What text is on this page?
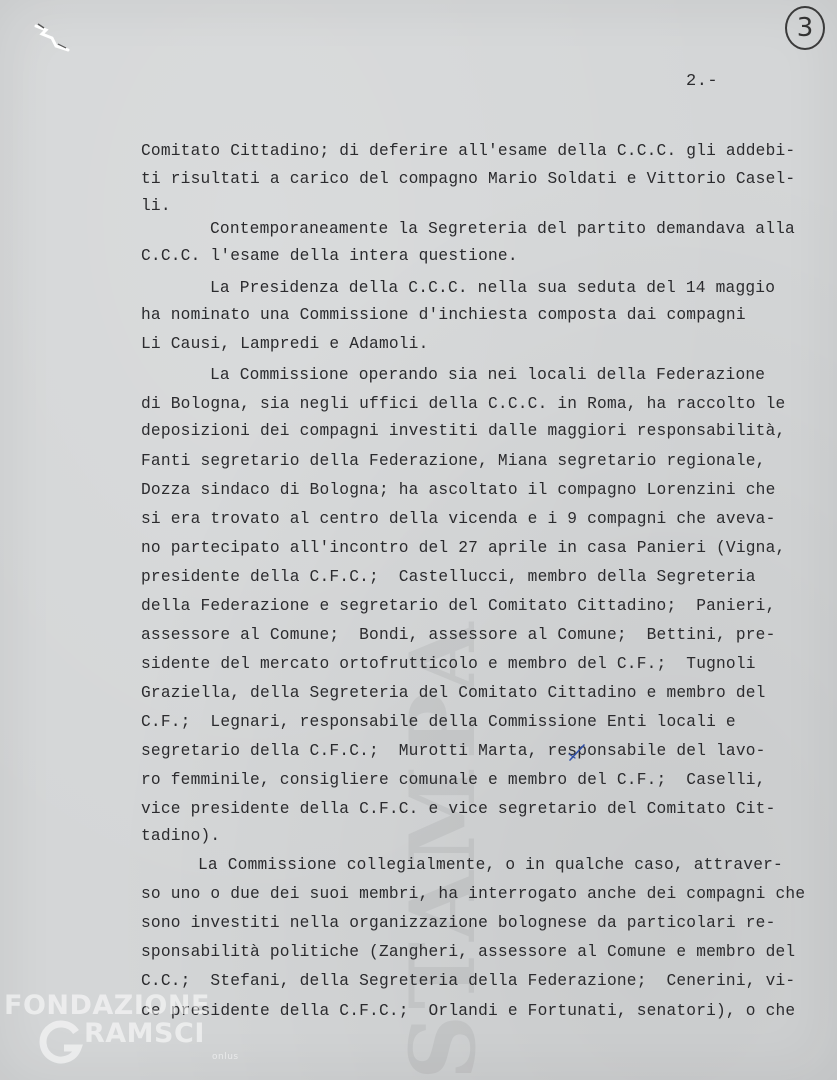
STAMPA
3
2.-
Comitato Cittadino; di deferire all'esame della C.C.C. gli addebi-
ti risultati a carico del compagno Mario Soldati e Vittorio Casel-
li.
Contemporaneamente la Segreteria del partito demandava alla
C.C.C. l'esame della intera questione.
La Presidenza della C.C.C. nella sua seduta del 14 maggio
ha nominato una Commissione d'inchiesta composta dai compagni
Li Causi, Lampredi e Adamoli.
La Commissione operando sia nei locali della Federazione
di Bologna, sia negli uffici della C.C.C. in Roma, ha raccolto le
deposizioni dei compagni investiti dalle maggiori responsabilità,
Fanti segretario della Federazione, Miana segretario regionale,
Dozza sindaco di Bologna; ha ascoltato il compagno Lorenzini che
si era trovato al centro della vicenda e i 9 compagni che aveva-
no partecipato all'incontro del 27 aprile in casa Panieri (Vigna,
presidente della C.F.C.;  Castellucci, membro della Segreteria
della Federazione e segretario del Comitato Cittadino;  Panieri,
assessore al Comune;  Bondi, assessore al Comune;  Bettini, pre-
sidente del mercato ortofrutticolo e membro del C.F.;  Tugnoli
Graziella, della Segreteria del Comitato Cittadino e membro del
C.F.;  Legnari, responsabile della Commissione Enti locali e
segretario della C.F.C.;  Murotti Marta, responsabile del lavo-
ro femminile, consigliere comunale e membro del C.F.;  Caselli,
vice presidente della C.F.C. e vice segretario del Comitato Cit-
tadino).
La Commissione collegialmente, o in qualche caso, attraver-
so uno o due dei suoi membri, ha interrogato anche dei compagni che
sono investiti nella organizzazione bolognese da particolari re-
sponsabilità politiche (Zangheri, assessore al Comune e membro del
C.C.;  Stefani, della Segreteria della Federazione;  Cenerini, vi-
ce presidente della C.F.C.;  Orlandi e Fortunati, senatori), o che
FONDAZIONE
RAMSCI
onlus
